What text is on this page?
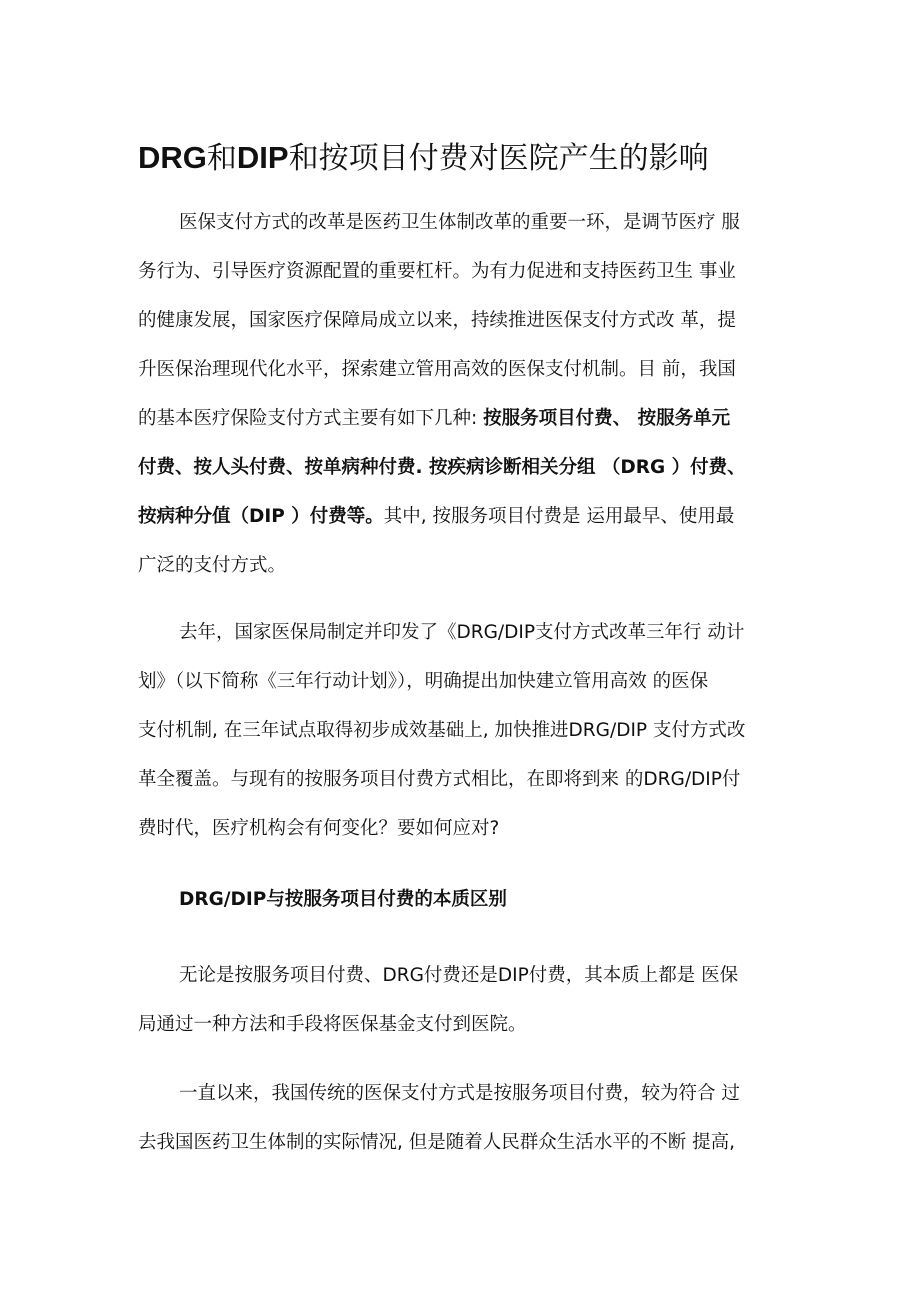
DRG和DIP和按项目付费对医院产生的影响

医保支付方式的改革是医药卫生体制改革的重要一环，是调节医疗 服
务行为、引导医疗资源配置的重要杠杆。为有力促进和支持医药卫生 事业
的健康发展，国家医疗保障局成立以来，持续推进医保支付方式改 革，提
升医保治理现代化水平，探索建立管用高效的医保支付机制。目 前，我国
的基本医疗保险支付方式主要有如下几种: 按服务项目付费、 按服务单元
付费、按人头付费、按单病种付费. 按疾病诊断相关分组 （DRG ）付费、
按病种分值（DIP ）付费等。其中, 按服务项目付费是 运用最早、使用最
广泛的支付方式。

去年，国家医保局制定并印发了《DRG/DIP支付方式改革三年行 动计
划》（以下简称《三年行动计划》），明确提出加快建立管用高效 的医保
支付机制, 在三年试点取得初步成效基础上, 加快推进DRG/DIP 支付方式改
革全覆盖。与现有的按服务项目付费方式相比，在即将到来 的DRG/DIP付
费时代，医疗机构会有何变化？要如何应对?

DRG/DIP与按服务项目付费的本质区别

无论是按服务项目付费、DRG付费还是DIP付费，其本质上都是 医保
局通过一种方法和手段将医保基金支付到医院。

一直以来，我国传统的医保支付方式是按服务项目付费，较为符合 过
去我国医药卫生体制的实际情况, 但是随着人民群众生活水平的不断 提高,
